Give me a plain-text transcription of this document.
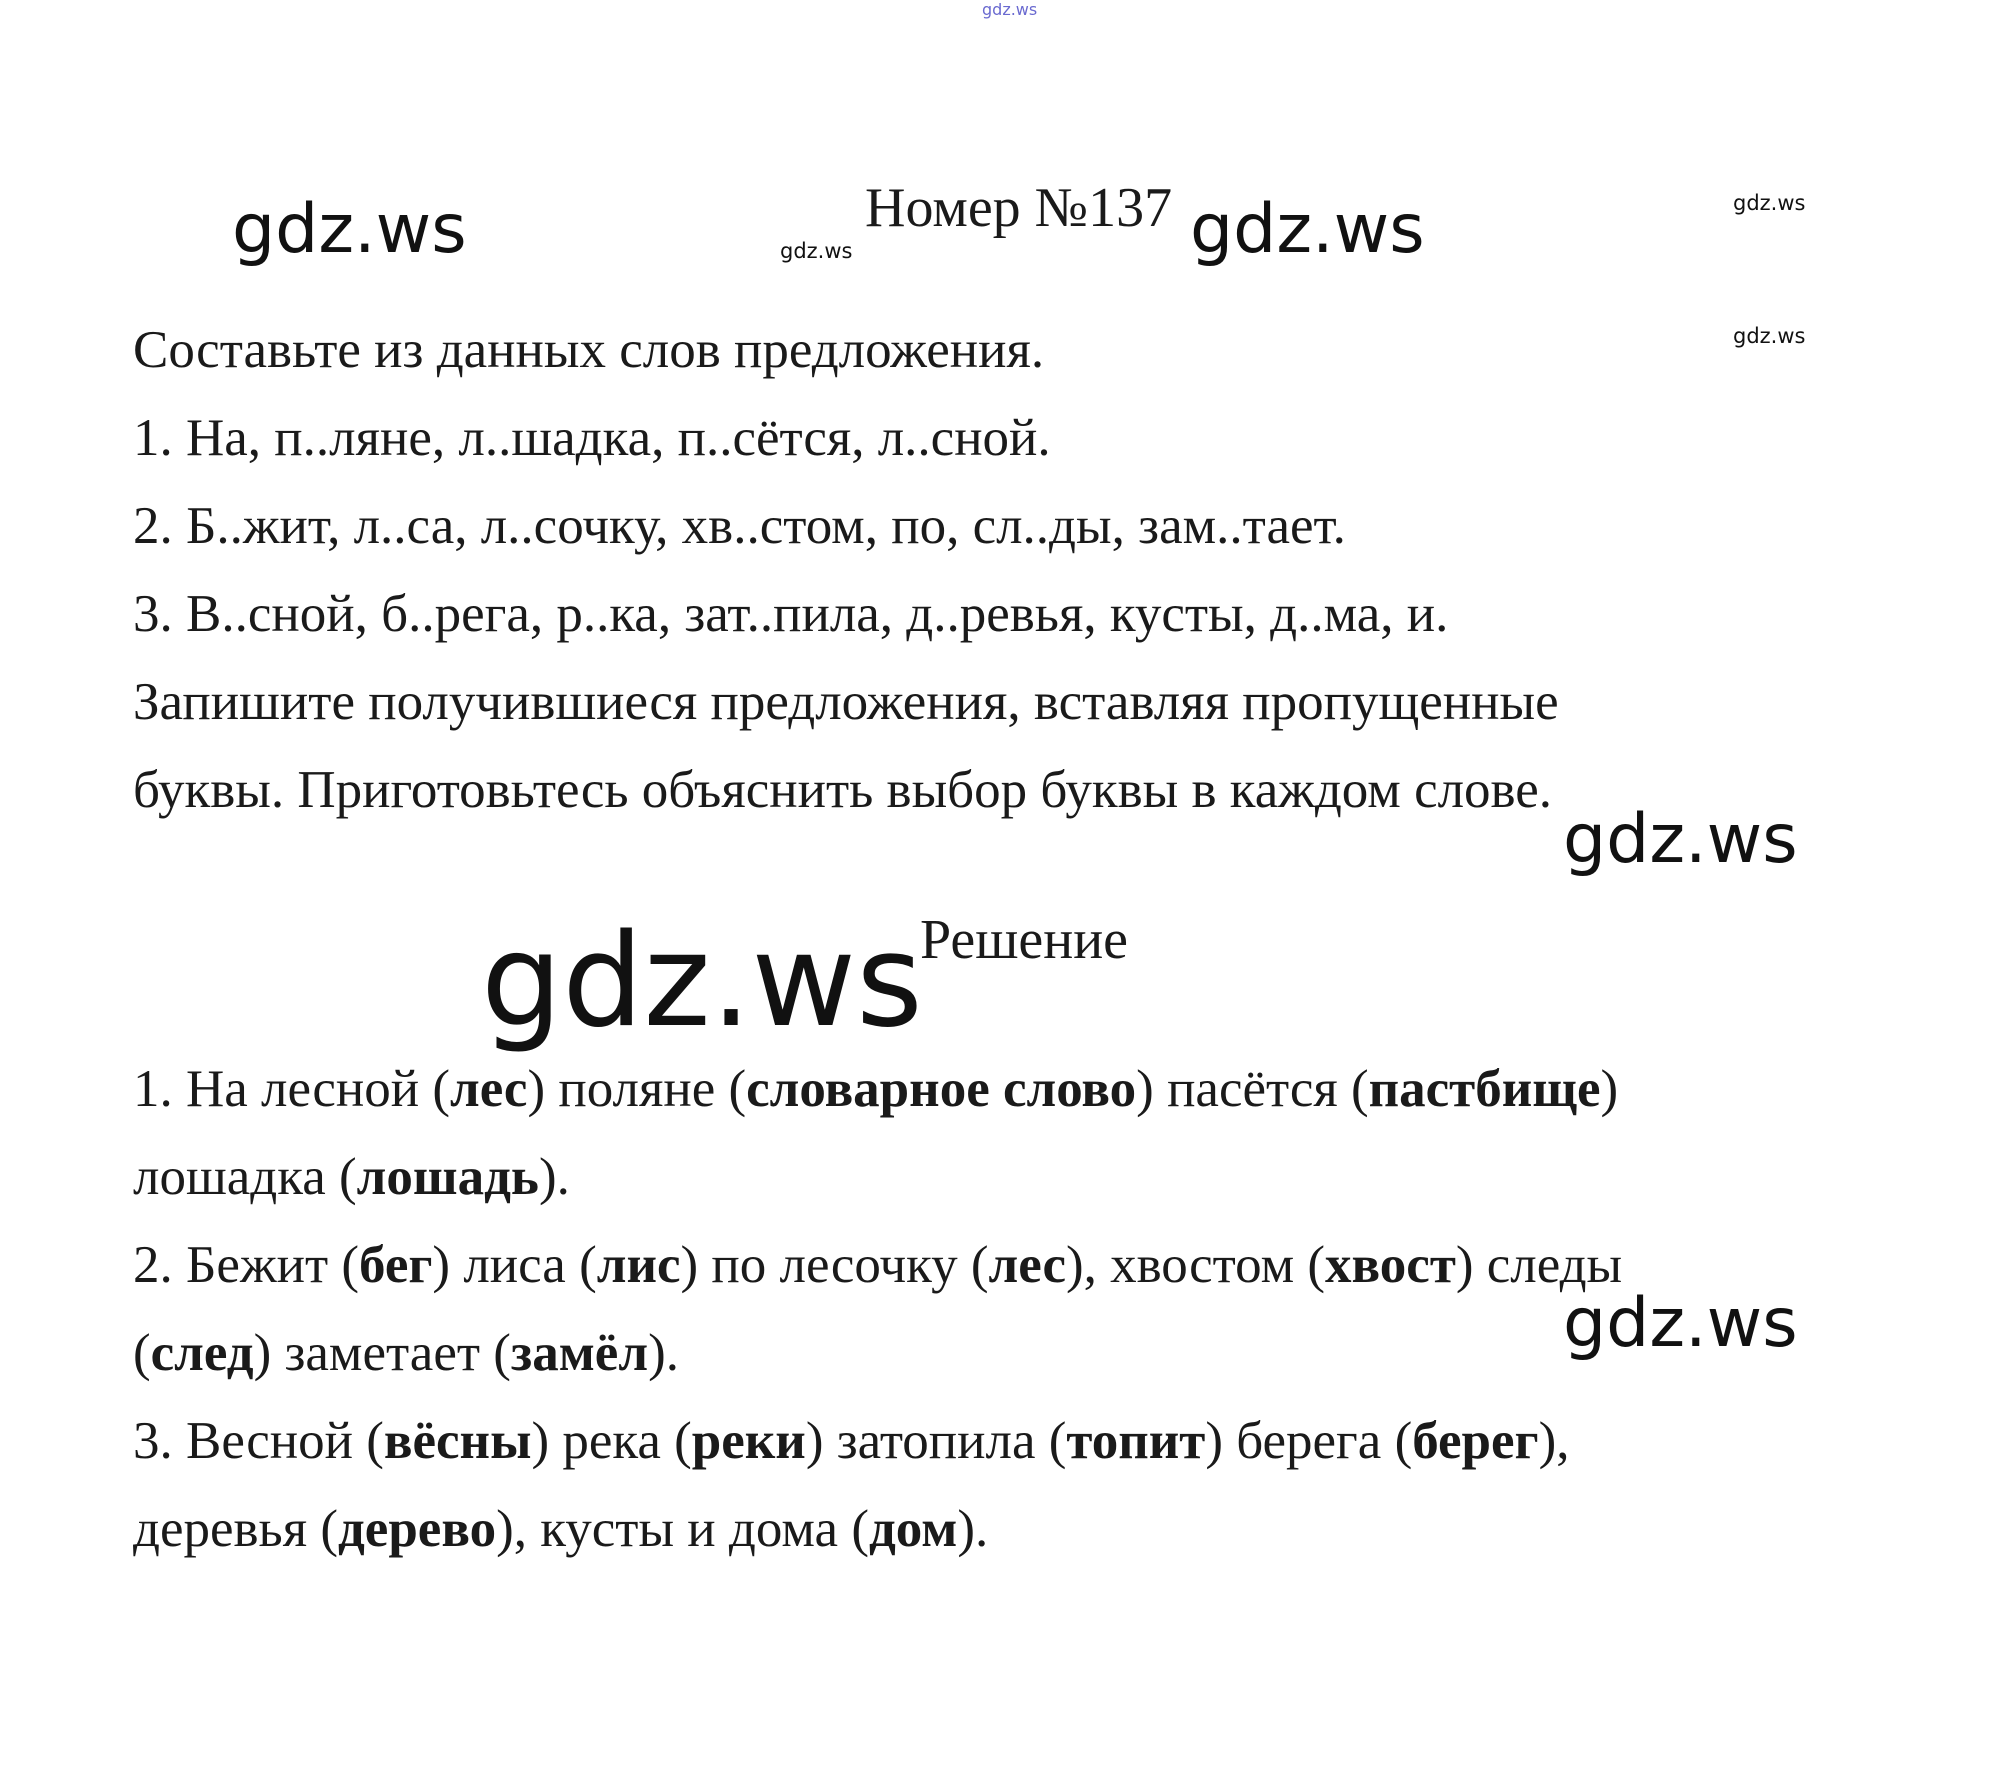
gdz.ws
gdz.ws	gdz.ws	gdz.ws	gdz.ws
gdz.ws
gdz.ws
gdz.ws
gdz.ws
Номер №137

Составьте из данных слов предложения.

1. На, п..ляне, л..шадка, п..сётся, л..сной.

2. Б..жит, л..са, л..сочку, хв..стом, по, сл..ды, зам..тает.

3. В..сной, б..рега, р..ка, зат..пила, д..ревья, кусты, д..ма, и.

Запишите получившиеся предложения, вставляя пропущенные

буквы. Приготовьтесь объяснить выбор буквы в каждом слове.

Решение

1. На лесной (лес) поляне (словарное слово) пасётся (пастбище)

лошадка (лошадь).

2. Бежит (бег) лиса (лис) по лесочку (лес), хвостом (хвост) следы

(след) заметает (замёл).

3. Весной (вёсны) река (реки) затопила (топит) берега (берег),

деревья (дерево), кусты и дома (дом).
